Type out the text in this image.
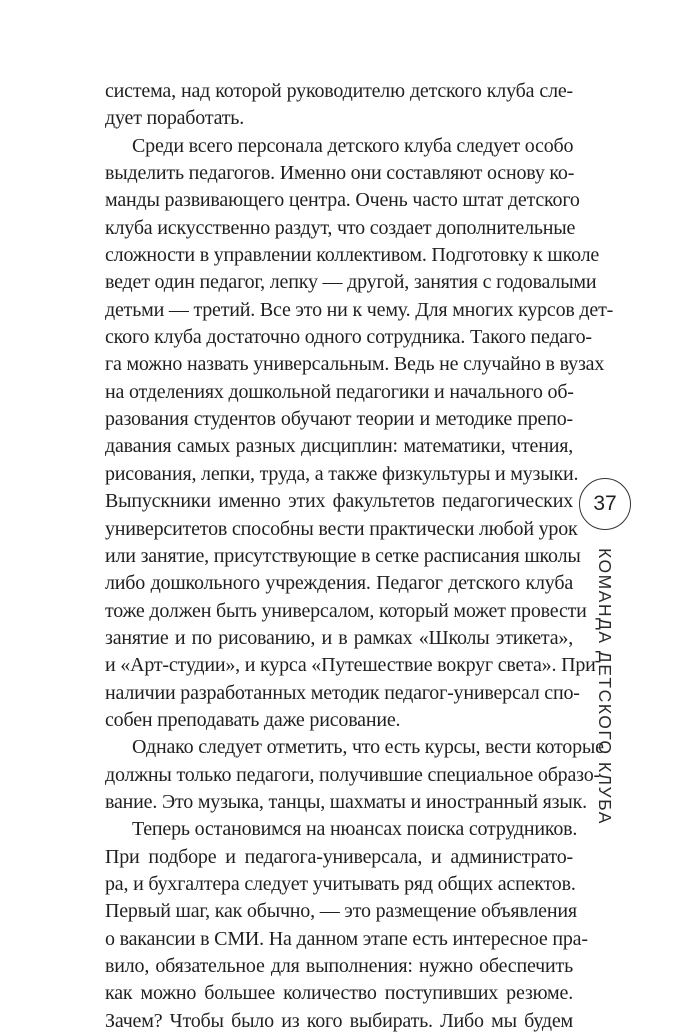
система, над которой руководителю детского клуба сле-
дует поработать.
Среди всего персонала детского клуба следует особо
выделить педагогов. Именно они составляют основу ко-
манды развивающего центра. Очень часто штат детского
клуба искусственно раздут, что создает дополнительные
сложности в управлении коллективом. Подготовку к школе
ведет один педагог, лепку — другой, занятия с годовалыми
детьми — третий. Все это ни к чему. Для многих курсов дет-
ского клуба достаточно одного сотрудника. Такого педаго-
га можно назвать универсальным. Ведь не случайно в вузах
на отделениях дошкольной педагогики и начального об-
разования студентов обучают теории и методике препо-
давания самых разных дисциплин: математики, чтения,
рисования, лепки, труда, а также физкультуры и музыки.
Выпускники именно этих факультетов педагогических
университетов способны вести практически любой урок
или занятие, присутствующие в сетке расписания школы
либо дошкольного учреждения. Педагог детского клуба
тоже должен быть универсалом, который может провести
занятие и по рисованию, и в рамках «Школы этикета»,
и «Арт-студии», и курса «Путешествие вокруг света». При
наличии разработанных методик педагог-универсал спо-
собен преподавать даже рисование.
Однако следует отметить, что есть курсы, вести которые
должны только педагоги, получившие специальное образо-
вание. Это музыка, танцы, шахматы и иностранный язык.
Теперь остановимся на нюансах поиска сотрудников.
При подборе и педагога-универсала, и администрато-
ра, и бухгалтера следует учитывать ряд общих аспектов.
Первый шаг, как обычно, — это размещение объявления
о вакансии в СМИ. На данном этапе есть интересное пра-
вило, обязательное для выполнения: нужно обеспечить
как можно большее количество поступивших резюме.
Зачем? Чтобы было из кого выбирать. Либо мы будем
37
КОМАНДА ДЕТСКОГО КЛУБА
